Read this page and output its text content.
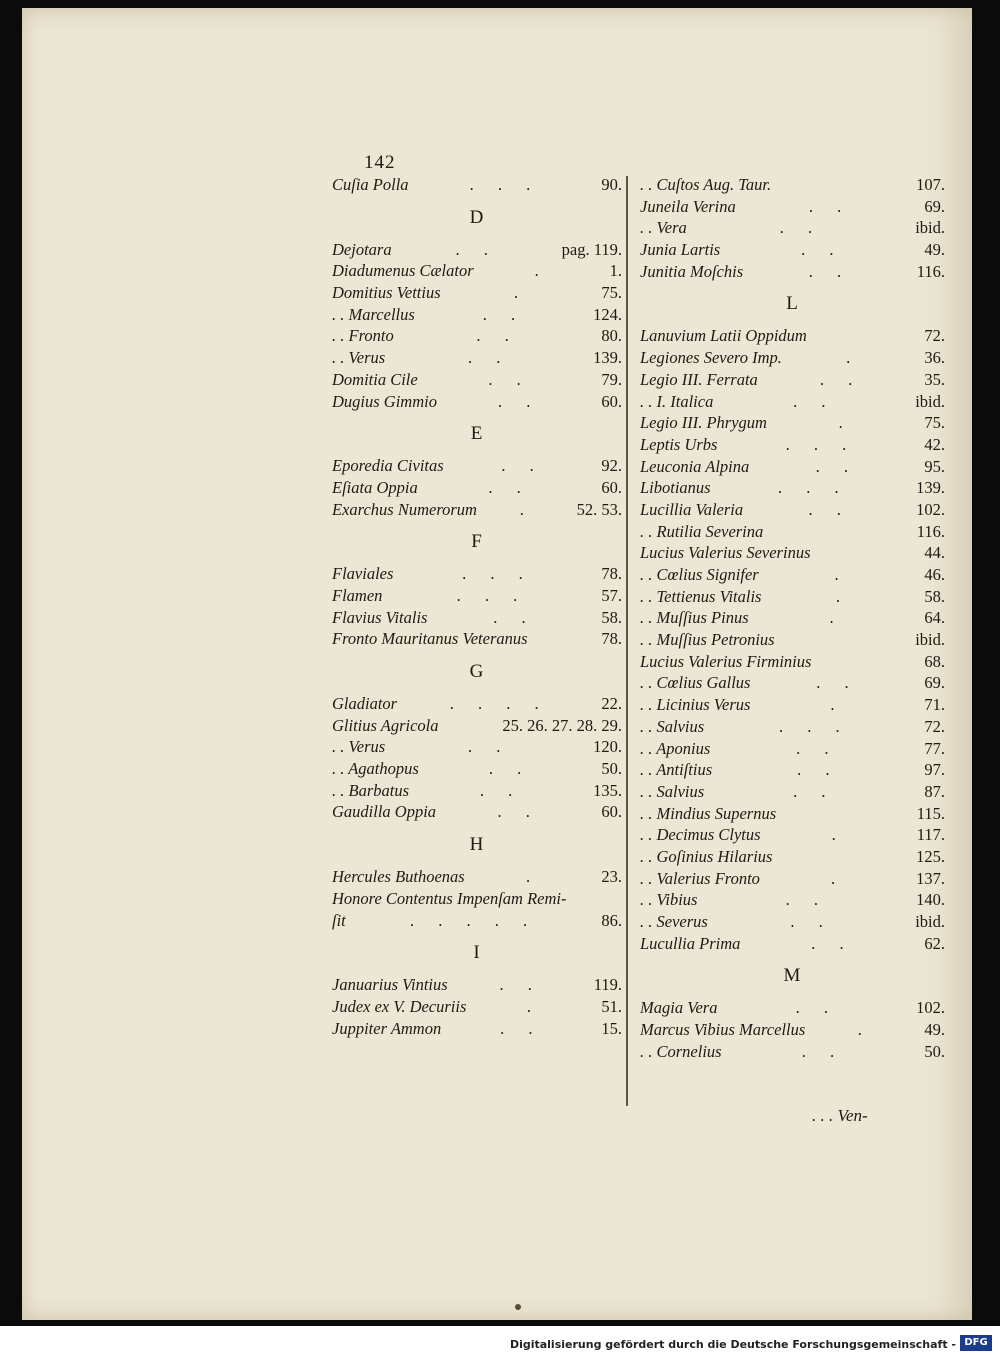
142
Cuſia Polla	. . .	90.
D
Dejotara	. .	pag. 119.
Diadumenus Cælator	.	1.
Domitius Vettius	.	75.
. . Marcellus	. .	124.
. . Fronto	. .	80.
. . Verus	. .	139.
Domitia Cile	. .	79.
Dugius Gimmio	. .	60.
E
Eporedia Civitas	. .	92.
Eſiata Oppia	. .	60.
Exarchus Numerorum	.	52. 53.
F
Flaviales	. . .	78.
Flamen	. . .	57.
Flavius Vitalis	. .	58.
Fronto Mauritanus Veteranus	78.
G
Gladiator	. . . .	22.
Glitius Agricola	25. 26. 27. 28. 29.
. . Verus	. .	120.
. . Agathopus	. .	50.
. . Barbatus	. .	135.
Gaudilla Oppia	. .	60.
H
Hercules Buthoenas	.	23.
Honore Contentus Impenſam Remi-
ſit	. . . . .	86.
I
Januarius Vintius	. .	119.
Judex ex V. Decuriis	.	51.
Juppiter Ammon	. .	15.
. . Cuſtos Aug. Taur.	107.
Juneila Verina	. .	69.
. . Vera	. .	ibid.
Junia Lartis	. .	49.
Junitia Moſchis	. .	116.
L
Lanuvium Latii Oppidum	72.
Legiones Severo Imp.	.	36.
Legio III. Ferrata	. .	35.
. . I. Italica	. .	ibid.
Legio III. Phrygum	.	75.
Leptis Urbs	. . .	42.
Leuconia Alpina	. .	95.
Libotianus	. . .	139.
Lucillia Valeria	. .	102.
. . Rutilia Severina	116.
Lucius Valerius Severinus	44.
. . Cœlius Signifer	.	46.
. . Tettienus Vitalis	.	58.
. . Muſſius Pinus	.	64.
. . Muſſius Petronius	ibid.
Lucius Valerius Firminius	68.
. . Cœlius Gallus	. .	69.
. . Licinius Verus	.	71.
. . Salvius	. . .	72.
. . Aponius	. .	77.
. . Antiſtius	. .	97.
. . Salvius	. .	87.
. . Mindius Supernus	115.
. . Decimus Clytus	.	117.
. . Goſinius Hilarius	125.
. . Valerius Fronto	.	137.
. . Vibius	. .	140.
. . Severus	. .	ibid.
Lucullia Prima	. .	62.
M
Magia Vera	. .	102.
Marcus Vibius Marcellus	.	49.
. . Cornelius	. .	50.
. . . Ven-
Digitalisierung gefördert durch die Deutsche Forschungsgemeinschaft - DFG
